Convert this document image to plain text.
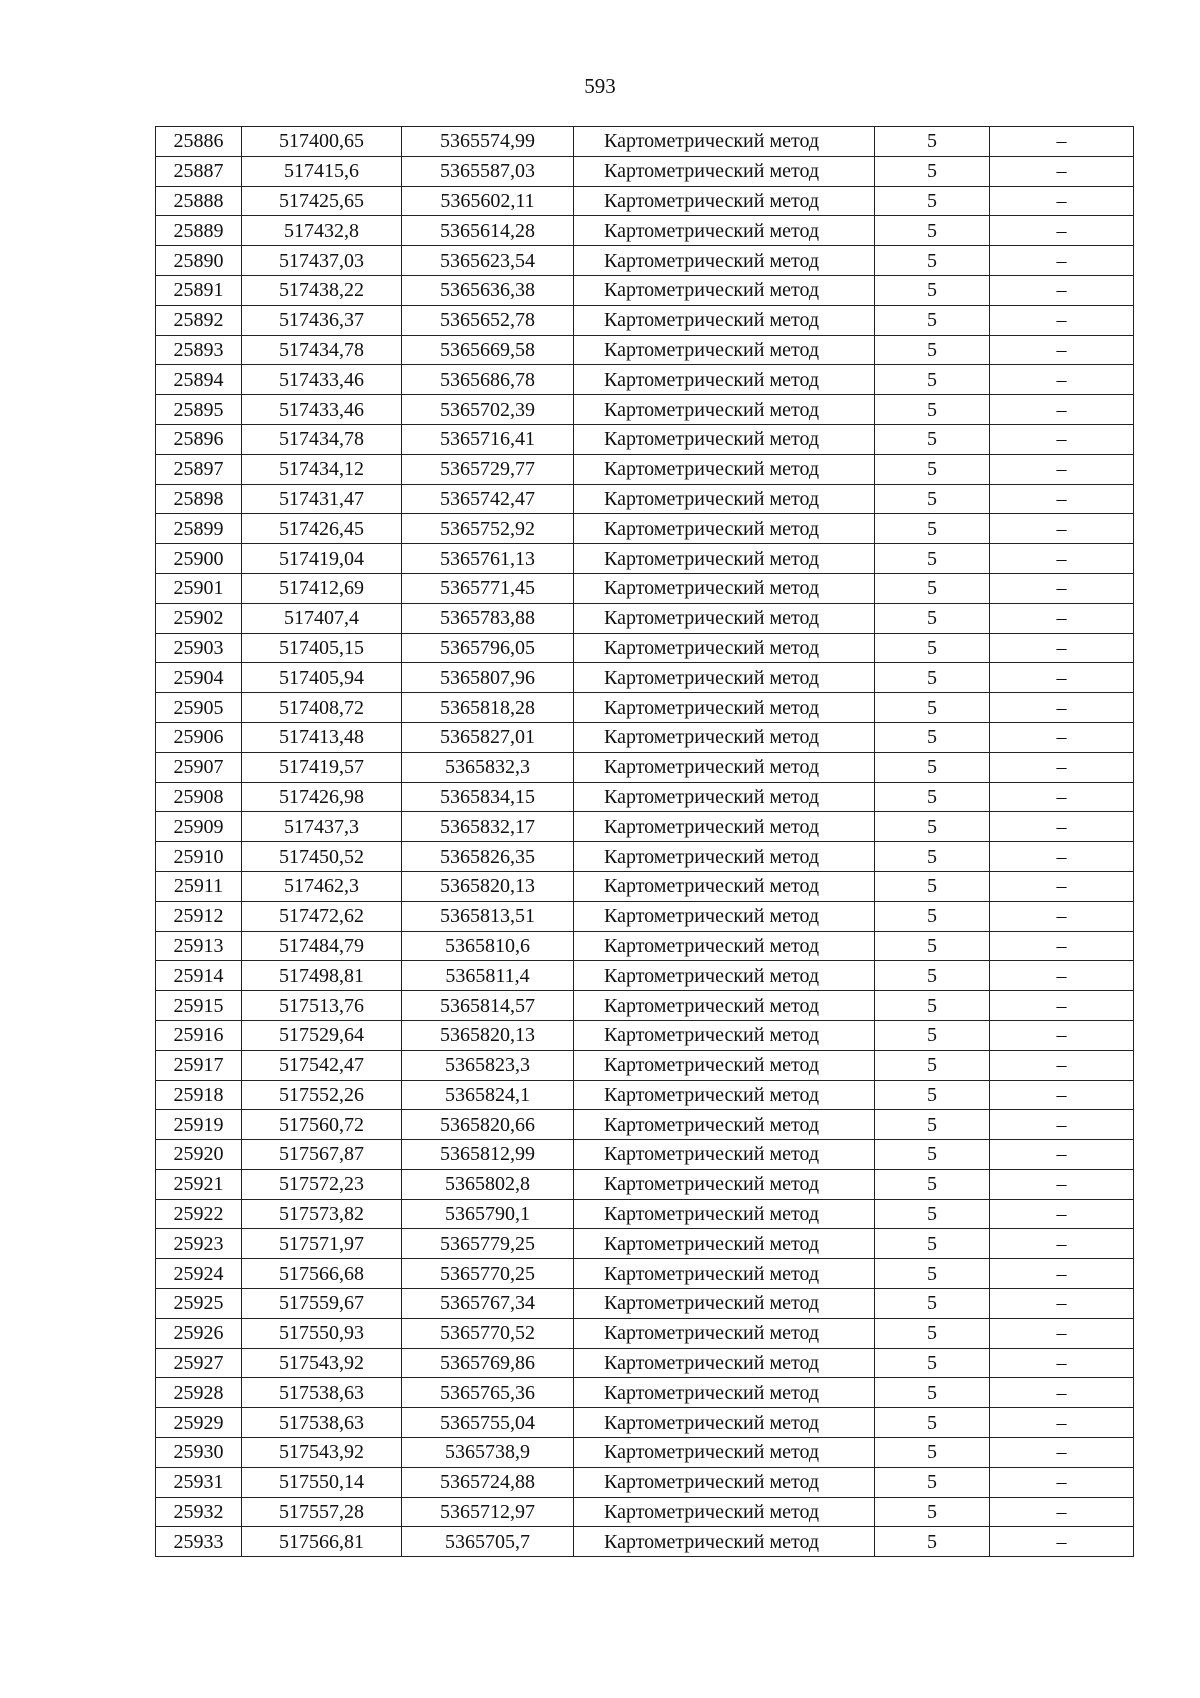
593
25886	517400,65	5365574,99	Картометрический метод	5	–
25887	517415,6	5365587,03	Картометрический метод	5	–
25888	517425,65	5365602,11	Картометрический метод	5	–
25889	517432,8	5365614,28	Картометрический метод	5	–
25890	517437,03	5365623,54	Картометрический метод	5	–
25891	517438,22	5365636,38	Картометрический метод	5	–
25892	517436,37	5365652,78	Картометрический метод	5	–
25893	517434,78	5365669,58	Картометрический метод	5	–
25894	517433,46	5365686,78	Картометрический метод	5	–
25895	517433,46	5365702,39	Картометрический метод	5	–
25896	517434,78	5365716,41	Картометрический метод	5	–
25897	517434,12	5365729,77	Картометрический метод	5	–
25898	517431,47	5365742,47	Картометрический метод	5	–
25899	517426,45	5365752,92	Картометрический метод	5	–
25900	517419,04	5365761,13	Картометрический метод	5	–
25901	517412,69	5365771,45	Картометрический метод	5	–
25902	517407,4	5365783,88	Картометрический метод	5	–
25903	517405,15	5365796,05	Картометрический метод	5	–
25904	517405,94	5365807,96	Картометрический метод	5	–
25905	517408,72	5365818,28	Картометрический метод	5	–
25906	517413,48	5365827,01	Картометрический метод	5	–
25907	517419,57	5365832,3	Картометрический метод	5	–
25908	517426,98	5365834,15	Картометрический метод	5	–
25909	517437,3	5365832,17	Картометрический метод	5	–
25910	517450,52	5365826,35	Картометрический метод	5	–
25911	517462,3	5365820,13	Картометрический метод	5	–
25912	517472,62	5365813,51	Картометрический метод	5	–
25913	517484,79	5365810,6	Картометрический метод	5	–
25914	517498,81	5365811,4	Картометрический метод	5	–
25915	517513,76	5365814,57	Картометрический метод	5	–
25916	517529,64	5365820,13	Картометрический метод	5	–
25917	517542,47	5365823,3	Картометрический метод	5	–
25918	517552,26	5365824,1	Картометрический метод	5	–
25919	517560,72	5365820,66	Картометрический метод	5	–
25920	517567,87	5365812,99	Картометрический метод	5	–
25921	517572,23	5365802,8	Картометрический метод	5	–
25922	517573,82	5365790,1	Картометрический метод	5	–
25923	517571,97	5365779,25	Картометрический метод	5	–
25924	517566,68	5365770,25	Картометрический метод	5	–
25925	517559,67	5365767,34	Картометрический метод	5	–
25926	517550,93	5365770,52	Картометрический метод	5	–
25927	517543,92	5365769,86	Картометрический метод	5	–
25928	517538,63	5365765,36	Картометрический метод	5	–
25929	517538,63	5365755,04	Картометрический метод	5	–
25930	517543,92	5365738,9	Картометрический метод	5	–
25931	517550,14	5365724,88	Картометрический метод	5	–
25932	517557,28	5365712,97	Картометрический метод	5	–
25933	517566,81	5365705,7	Картометрический метод	5	–
